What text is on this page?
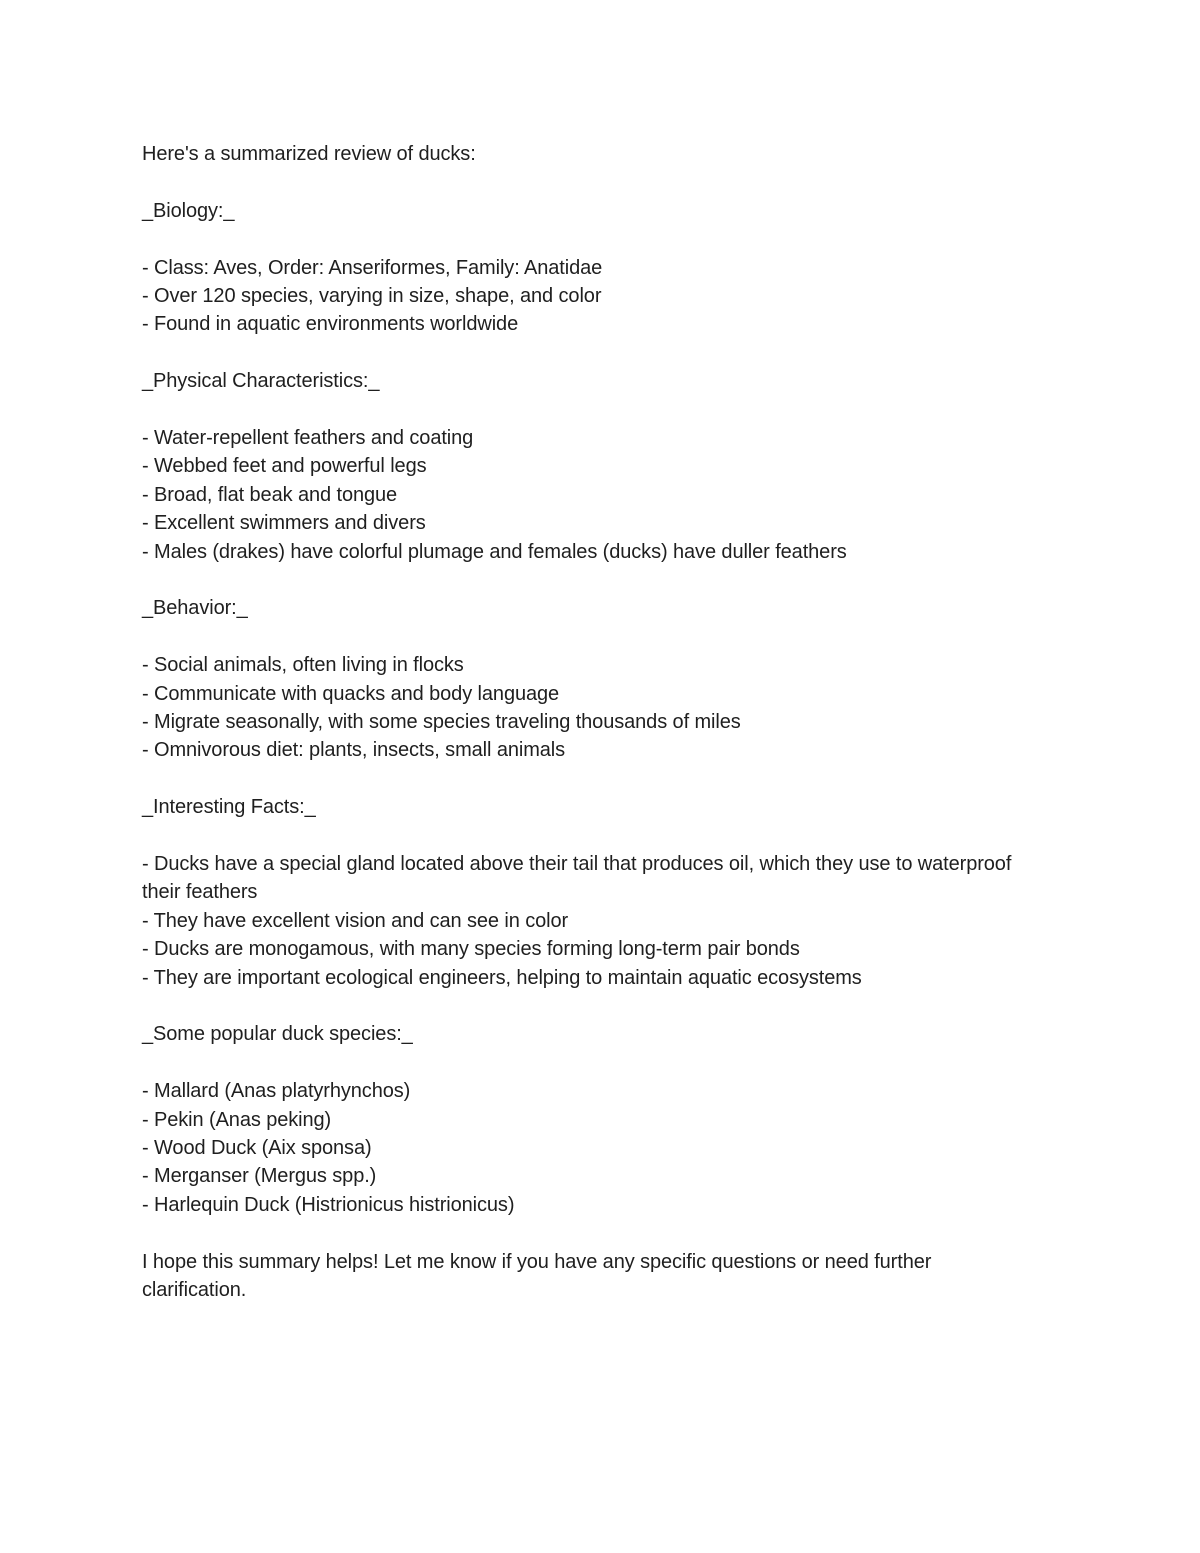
Here's a summarized review of ducks:
_Biology:_
- Class: Aves, Order: Anseriformes, Family: Anatidae
- Over 120 species, varying in size, shape, and color
- Found in aquatic environments worldwide
_Physical Characteristics:_
- Water-repellent feathers and coating
- Webbed feet and powerful legs
- Broad, flat beak and tongue
- Excellent swimmers and divers
- Males (drakes) have colorful plumage and females (ducks) have duller feathers
_Behavior:_
- Social animals, often living in flocks
- Communicate with quacks and body language
- Migrate seasonally, with some species traveling thousands of miles
- Omnivorous diet: plants, insects, small animals
_Interesting Facts:_
- Ducks have a special gland located above their tail that produces oil, which they use to waterproof their feathers
- They have excellent vision and can see in color
- Ducks are monogamous, with many species forming long-term pair bonds
- They are important ecological engineers, helping to maintain aquatic ecosystems
_Some popular duck species:_
- Mallard (Anas platyrhynchos)
- Pekin (Anas peking)
- Wood Duck (Aix sponsa)
- Merganser (Mergus spp.)
- Harlequin Duck (Histrionicus histrionicus)
I hope this summary helps! Let me know if you have any specific questions or need further clarification.
